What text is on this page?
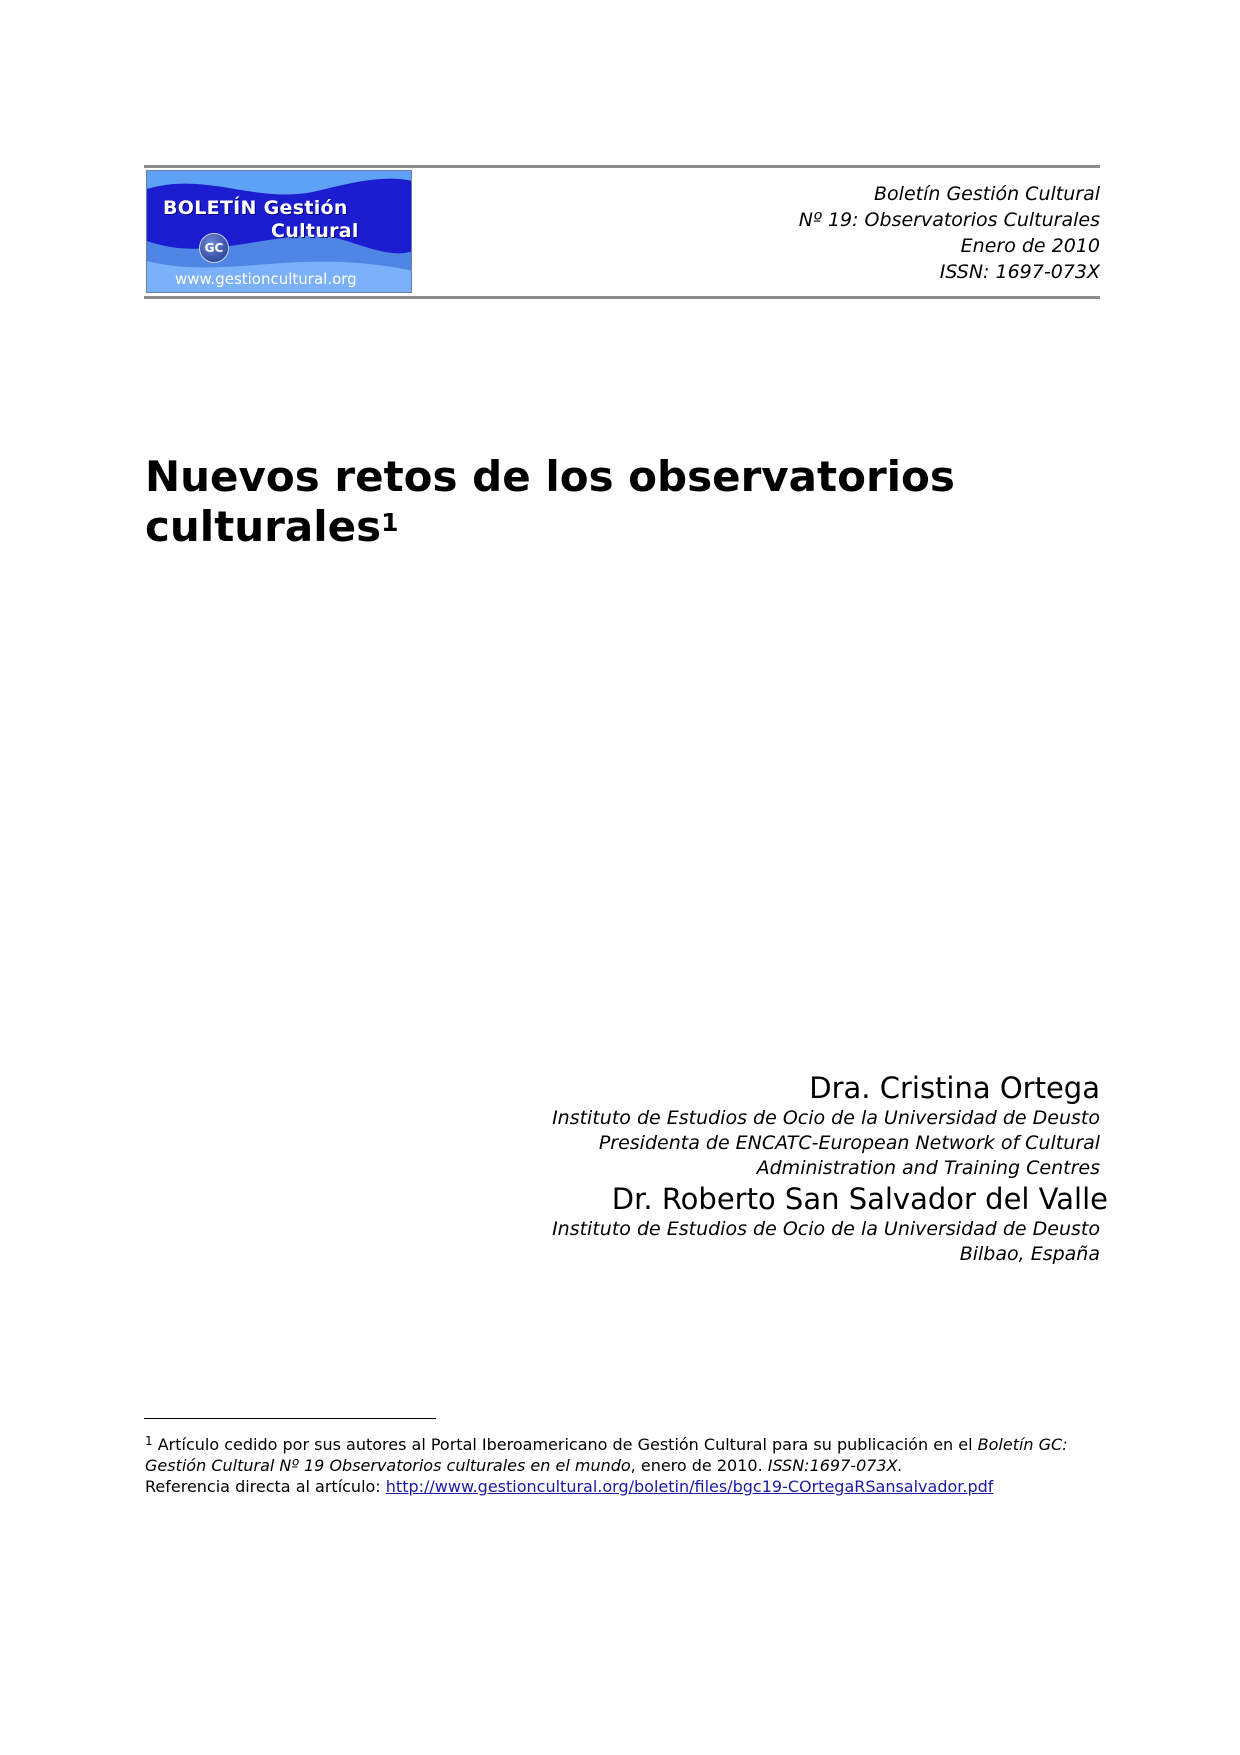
BOLETÍN Gestión
Cultural
GC
www.gestioncultural.org
Boletín Gestión Cultural
Nº 19: Observatorios Culturales
Enero de 2010
ISSN: 1697-073X
Nuevos retos de los observatorios
culturales$^1$
Dra. Cristina Ortega
Instituto de Estudios de Ocio de la Universidad de Deusto
Presidenta de ENCATC-European Network of Cultural
Administration and Training Centres
Dr. Roberto San Salvador del Valle
Instituto de Estudios de Ocio de la Universidad de Deusto
Bilbao, España
$^1$ Artículo cedido por sus autores al Portal Iberoamericano de Gestión Cultural para su publicación en el Boletín GC: Gestión Cultural Nº 19 Observatorios culturales en el mundo, enero de 2010. ISSN:1697-073X.
Referencia directa al artículo: http://www.gestioncultural.org/boletin/files/bgc19-COrtegaRSansalvador.pdf
